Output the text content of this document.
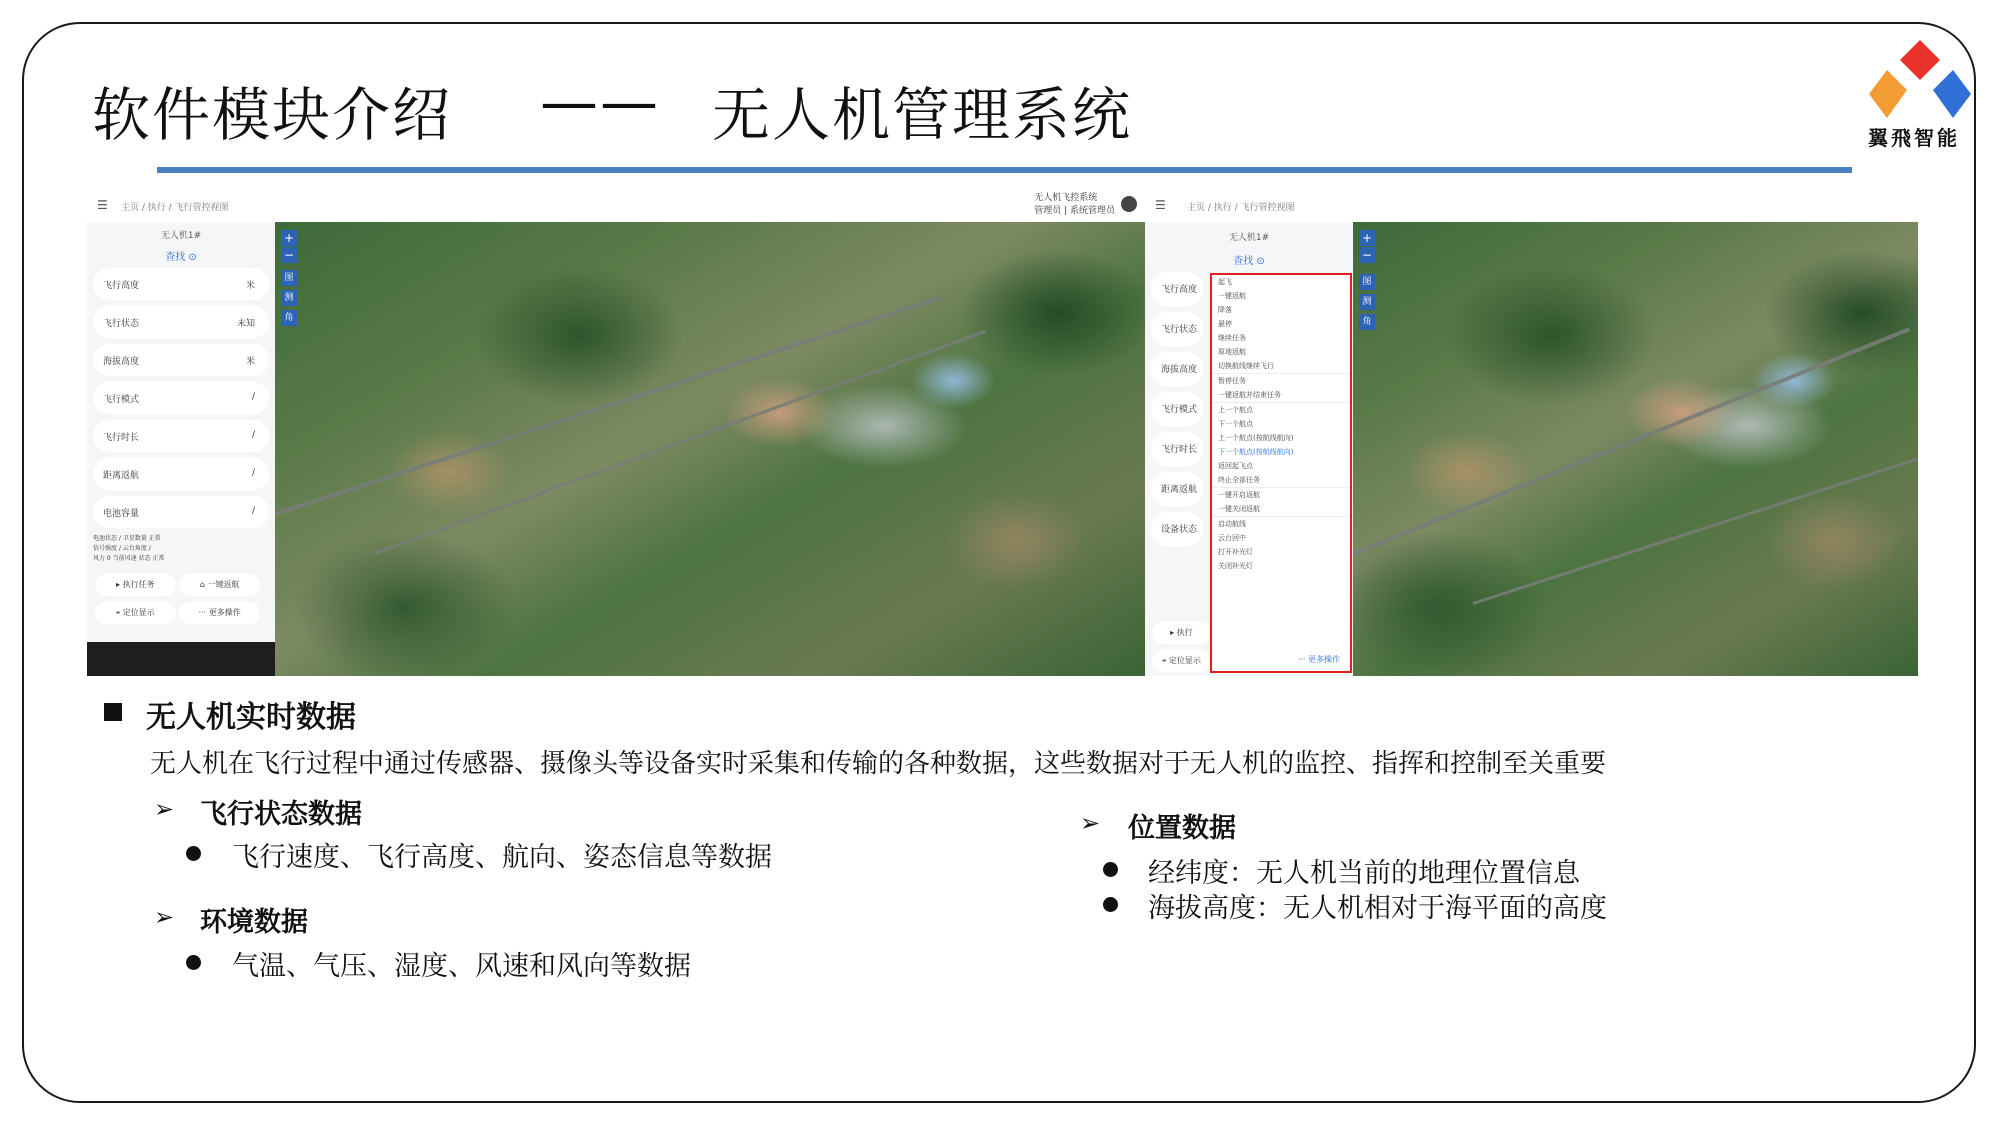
软件模块介绍 —— 无人机管理系统	翼飛智能
☰ 主页 / 执行 / 飞行管控视图
无人机飞控系统
管理员 | 系统管理员
无人机1#
查找 ⊙
飞行高度	米
飞行状态	未知
海拔高度	米
飞行模式	/
飞行时长	/
距离返航	/
电池容量	/
电池状态 / 卫星数量 正常
信号强度 / 云台角度 /
风力 0 当前风速 状态 正常
▸ 执行任务	⌂ 一键返航 ⌖ 定位显示	··· 更多操作
+
−
图
测
角
☰ 主页 / 执行 / 飞行管控视图
无人机1#
查找 ⊙
飞行高度
飞行状态
海拔高度
飞行模式
飞行时长
距离返航
设备状态
▸ 执行 ⌖ 定位显示
+
−
图
测
角
起飞
一键返航
降落
悬停
继续任务
原地返航
切换航线继续飞行
暂停任务
一键返航并结束任务
上一个航点
下一个航点
上一个航点(按航线航向)
下一个航点(按航线航向)
返回起飞点
终止全部任务
一键开启返航
一键关闭返航
启动航线
云台回中
打开补光灯
关闭补光灯
··· 更多操作
无人机实时数据
无人机在飞行过程中通过传感器、摄像头等设备实时采集和传输的各种数据，这些数据对于无人机的监控、指挥和控制至关重要
➢ 飞行状态数据
飞行速度、飞行高度、航向、姿态信息等数据
➢ 环境数据
气温、气压、湿度、风速和风向等数据
➢ 位置数据
经纬度：无人机当前的地理位置信息
海拔高度：无人机相对于海平面的高度
